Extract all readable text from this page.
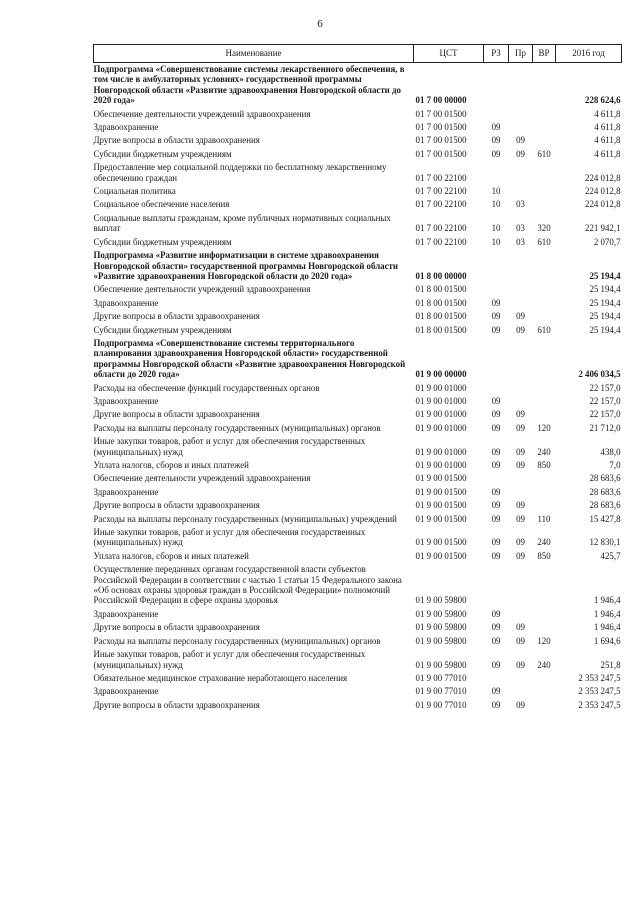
6
Наименование	ЦСТ	РЗ	Пр	ВР	2016 год
Подпрограмма «Совершенствование системы лекарственного обеспечения, в том числе в амбулаторных условиях» государственной программы Новгородской области «Развитие здравоохранения Новгородской области до 2020 года»	01 7 00 00000				228 624,6
Обеспечение деятельности учреждений здравоохранения	01 7 00 01500				4 611,8
Здравоохранение	01 7 00 01500	09			4 611,8
Другие вопросы в области здравоохранения	01 7 00 01500	09	09		4 611,8
Субсидии бюджетным учреждениям	01 7 00 01500	09	09	610	4 611,8
Предоставление мер социальной поддержки по бесплатному лекарственному обеспечению граждан	01 7 00 22100				224 012,8
Социальная политика	01 7 00 22100	10			224 012,8
Социальное обеспечение населения	01 7 00 22100	10	03		224 012,8
Социальные выплаты гражданам, кроме публичных нормативных социальных выплат	01 7 00 22100	10	03	320	221 942,1
Субсидии бюджетным учреждениям	01 7 00 22100	10	03	610	2 070,7
Подпрограмма «Развитие информатизации в системе здравоохранения Новгородской области» государственной программы Новгородской области «Развитие здравоохранения Новгородской области до 2020 года»	01 8 00 00000				25 194,4
Обеспечение деятельности учреждений здравоохранения	01 8 00 01500				25 194,4
Здравоохранение	01 8 00 01500	09			25 194,4
Другие вопросы в области здравоохранения	01 8 00 01500	09	09		25 194,4
Субсидии бюджетным учреждениям	01 8 00 01500	09	09	610	25 194,4
Подпрограмма «Совершенствование системы территориального планирования здравоохранения Новгородской области» государственной программы Новгородской области «Развитие здравоохранения Новгородской области до 2020 года»	01 9 00 00000				2 406 034,5
Расходы на обеспечение функций государственных органов	01 9 00 01000				22 157,0
Здравоохранение	01 9 00 01000	09			22 157,0
Другие вопросы в области здравоохранения	01 9 00 01000	09	09		22 157,0
Расходы на выплаты персоналу государственных (муниципальных) органов	01 9 00 01000	09	09	120	21 712,0
Иные закупки товаров, работ и услуг для обеспечения государственных (муниципальных) нужд	01 9 00 01000	09	09	240	438,0
Уплата налогов, сборов и иных платежей	01 9 00 01000	09	09	850	7,0
Обеспечение деятельности учреждений здравоохранения	01 9 00 01500				28 683,6
Здравоохранение	01 9 00 01500	09			28 683,6
Другие вопросы в области здравоохранения	01 9 00 01500	09	09		28 683,6
Расходы на выплаты персоналу государственных (муниципальных) учреждений	01 9 00 01500	09	09	110	15 427,8
Иные закупки товаров, работ и услуг для обеспечения государственных (муниципальных) нужд	01 9 00 01500	09	09	240	12 830,1
Уплата налогов, сборов и иных платежей	01 9 00 01500	09	09	850	425,7
Осуществление переданных органам государственной власти субъектов Российской Федерации в соответствии с частью 1 статьи 15 Федерального закона «Об основах охраны здоровья граждан в Российской Федерации» полномочий Российской Федерации в сфере охраны здоровья	01 9 00 59800				1 946,4
Здравоохранение	01 9 00 59800	09			1 946,4
Другие вопросы в области здравоохранения	01 9 00 59800	09	09		1 946,4
Расходы на выплаты персоналу государственных (муниципальных) органов	01 9 00 59800	09	09	120	1 694,6
Иные закупки товаров, работ и услуг для обеспечения государственных (муниципальных) нужд	01 9 00 59800	09	09	240	251,8
Обязательное медицинское страхование неработающего населения	01 9 00 77010				2 353 247,5
Здравоохранение	01 9 00 77010	09			2 353 247,5
Другие вопросы в области здравоохранения	01 9 00 77010	09	09		2 353 247,5
